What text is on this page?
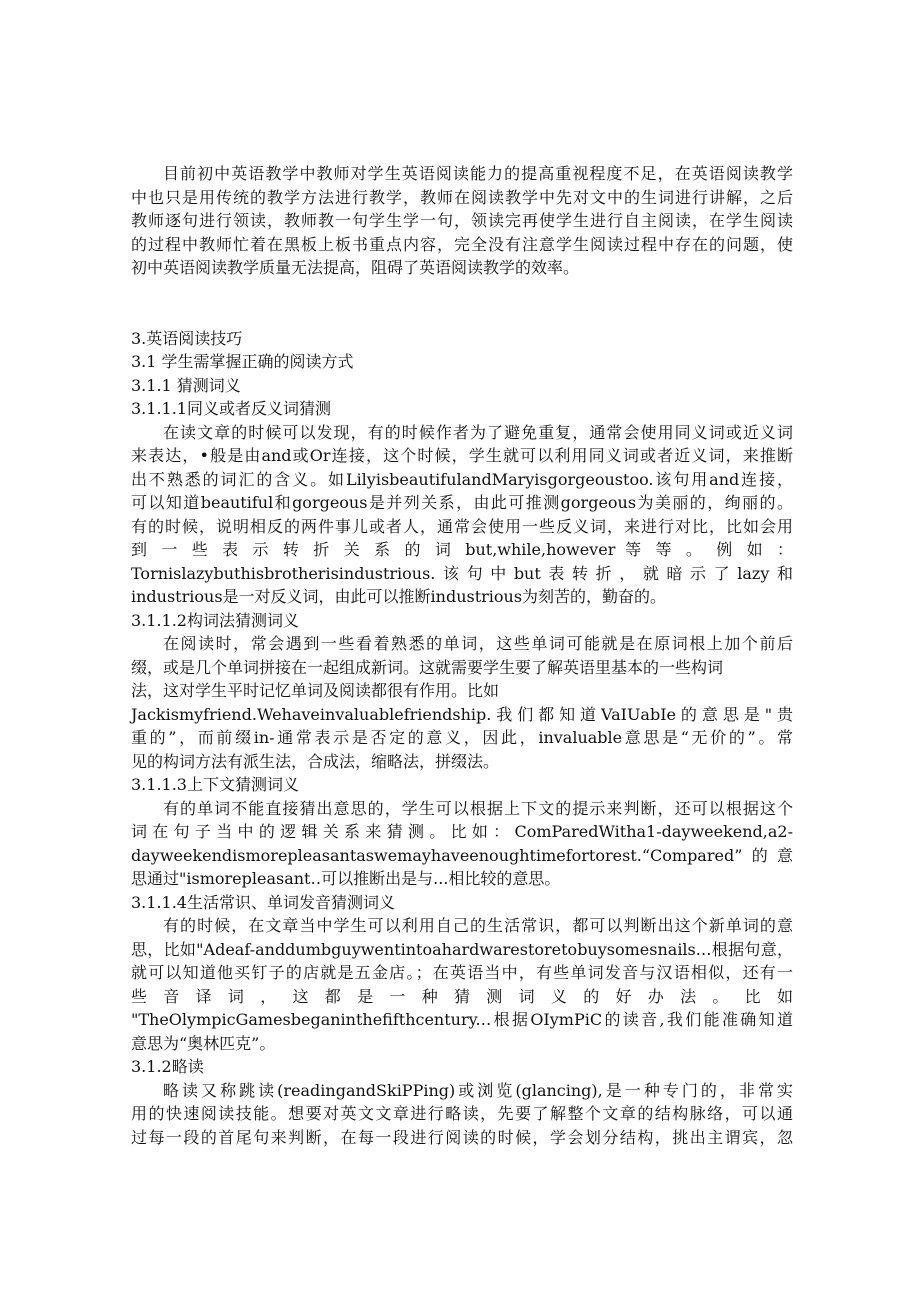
目前初中英语教学中教师对学生英语阅读能力的提高重视程度不足，在英语阅读教学
中也只是用传统的教学方法进行教学，教师在阅读教学中先对文中的生词进行讲解，之后
教师逐句进行领读，教师教一句学生学一句，领读完再使学生进行自主阅读，在学生阅读
的过程中教师忙着在黑板上板书重点内容，完全没有注意学生阅读过程中存在的问题，使
初中英语阅读教学质量无法提高，阻碍了英语阅读教学的效率。

3.英语阅读技巧

3.1 学生需掌握正确的阅读方式

3.1.1 猜测词义

3.1.1.1同义或者反义词猜测

在读文章的时候可以发现，有的时候作者为了避免重复，通常会使用同义词或近义词
来表达，•般是由and或Or连接，这个时候，学生就可以利用同义词或者近义词，来推断
出不熟悉的词汇的含义。如LilyisbeautifulandMaryisgorgeoustoo.该句用and连接，
可以知道beautiful和gorgeous是并列关系，由此可推测gorgeous为美丽的，绚丽的。
有的时候，说明相反的两件事儿或者人，通常会使用一些反义词，来进行对比，比如会用
到 一 些 表 示 转 折 关 系 的 词 but,while,however 等 等 。 例 如 ：
Tornislazybuthisbrotherisindustrious.该句中but表转折，就暗示了lazy和
industrious是一对反义词，由此可以推断industrious为刻苦的，勤奋的。

3.1.1.2构词法猜测词义

在阅读时，常会遇到一些看着熟悉的单词，这些单词可能就是在原词根上加个前后
缀，或是几个单词拼接在一起组成新词。这就需要学生要了解英语里基本的一些构词
法，这对学生平时记忆单词及阅读都很有作用。比如
Jackismyfriend.Wehaveinvaluablefriendship.我们都知道VaIUabIe的意思是"贵
重的”，而前缀in-通常表示是否定的意义，因此，invaluable意思是“无价的”。常
见的构词方法有派生法，合成法，缩略法，拼缀法。

3.1.1.3上下文猜测词义

有的单词不能直接猜出意思的，学生可以根据上下文的提示来判断，还可以根据这个
词在句子当中的逻辑关系来猜测。比如：ComParedWitha1-dayweekend,a2-
dayweekendismorepleasantaswemayhaveenoughtimefortorest.“Compared”的意
思通过"ismorepleasant‥可以推断出是与...相比较的意思。

3.1.1.4生活常识、单词发音猜测词义

有的时候，在文章当中学生可以利用自己的生活常识，都可以判断出这个新单词的意
思，比如"Adeaf-anddumbguywentintoahardwarestoretobuysomesnails.‥根据句意，
就可以知道他买钉子的店就是五金店。；在英语当中，有些单词发音与汉语相似，还有一
些 音 译 词 ， 这 都 是 一 种 猜 测 词 义 的 好 办 法 。 比 如
"TheOlympicGamesbeganinthefifthcentury.‥根据OIymPiC的读音,我们能准确知道
意思为“奥林匹克”。

3.1.2略读

略读又称跳读(readingandSkiPPing)或浏览(glancing),是一种专门的，非常实
用的快速阅读技能。想要对英文文章进行略读，先要了解整个文章的结构脉络，可以通
过每一段的首尾句来判断，在每一段进行阅读的时候，学会划分结构，挑出主谓宾，忽
